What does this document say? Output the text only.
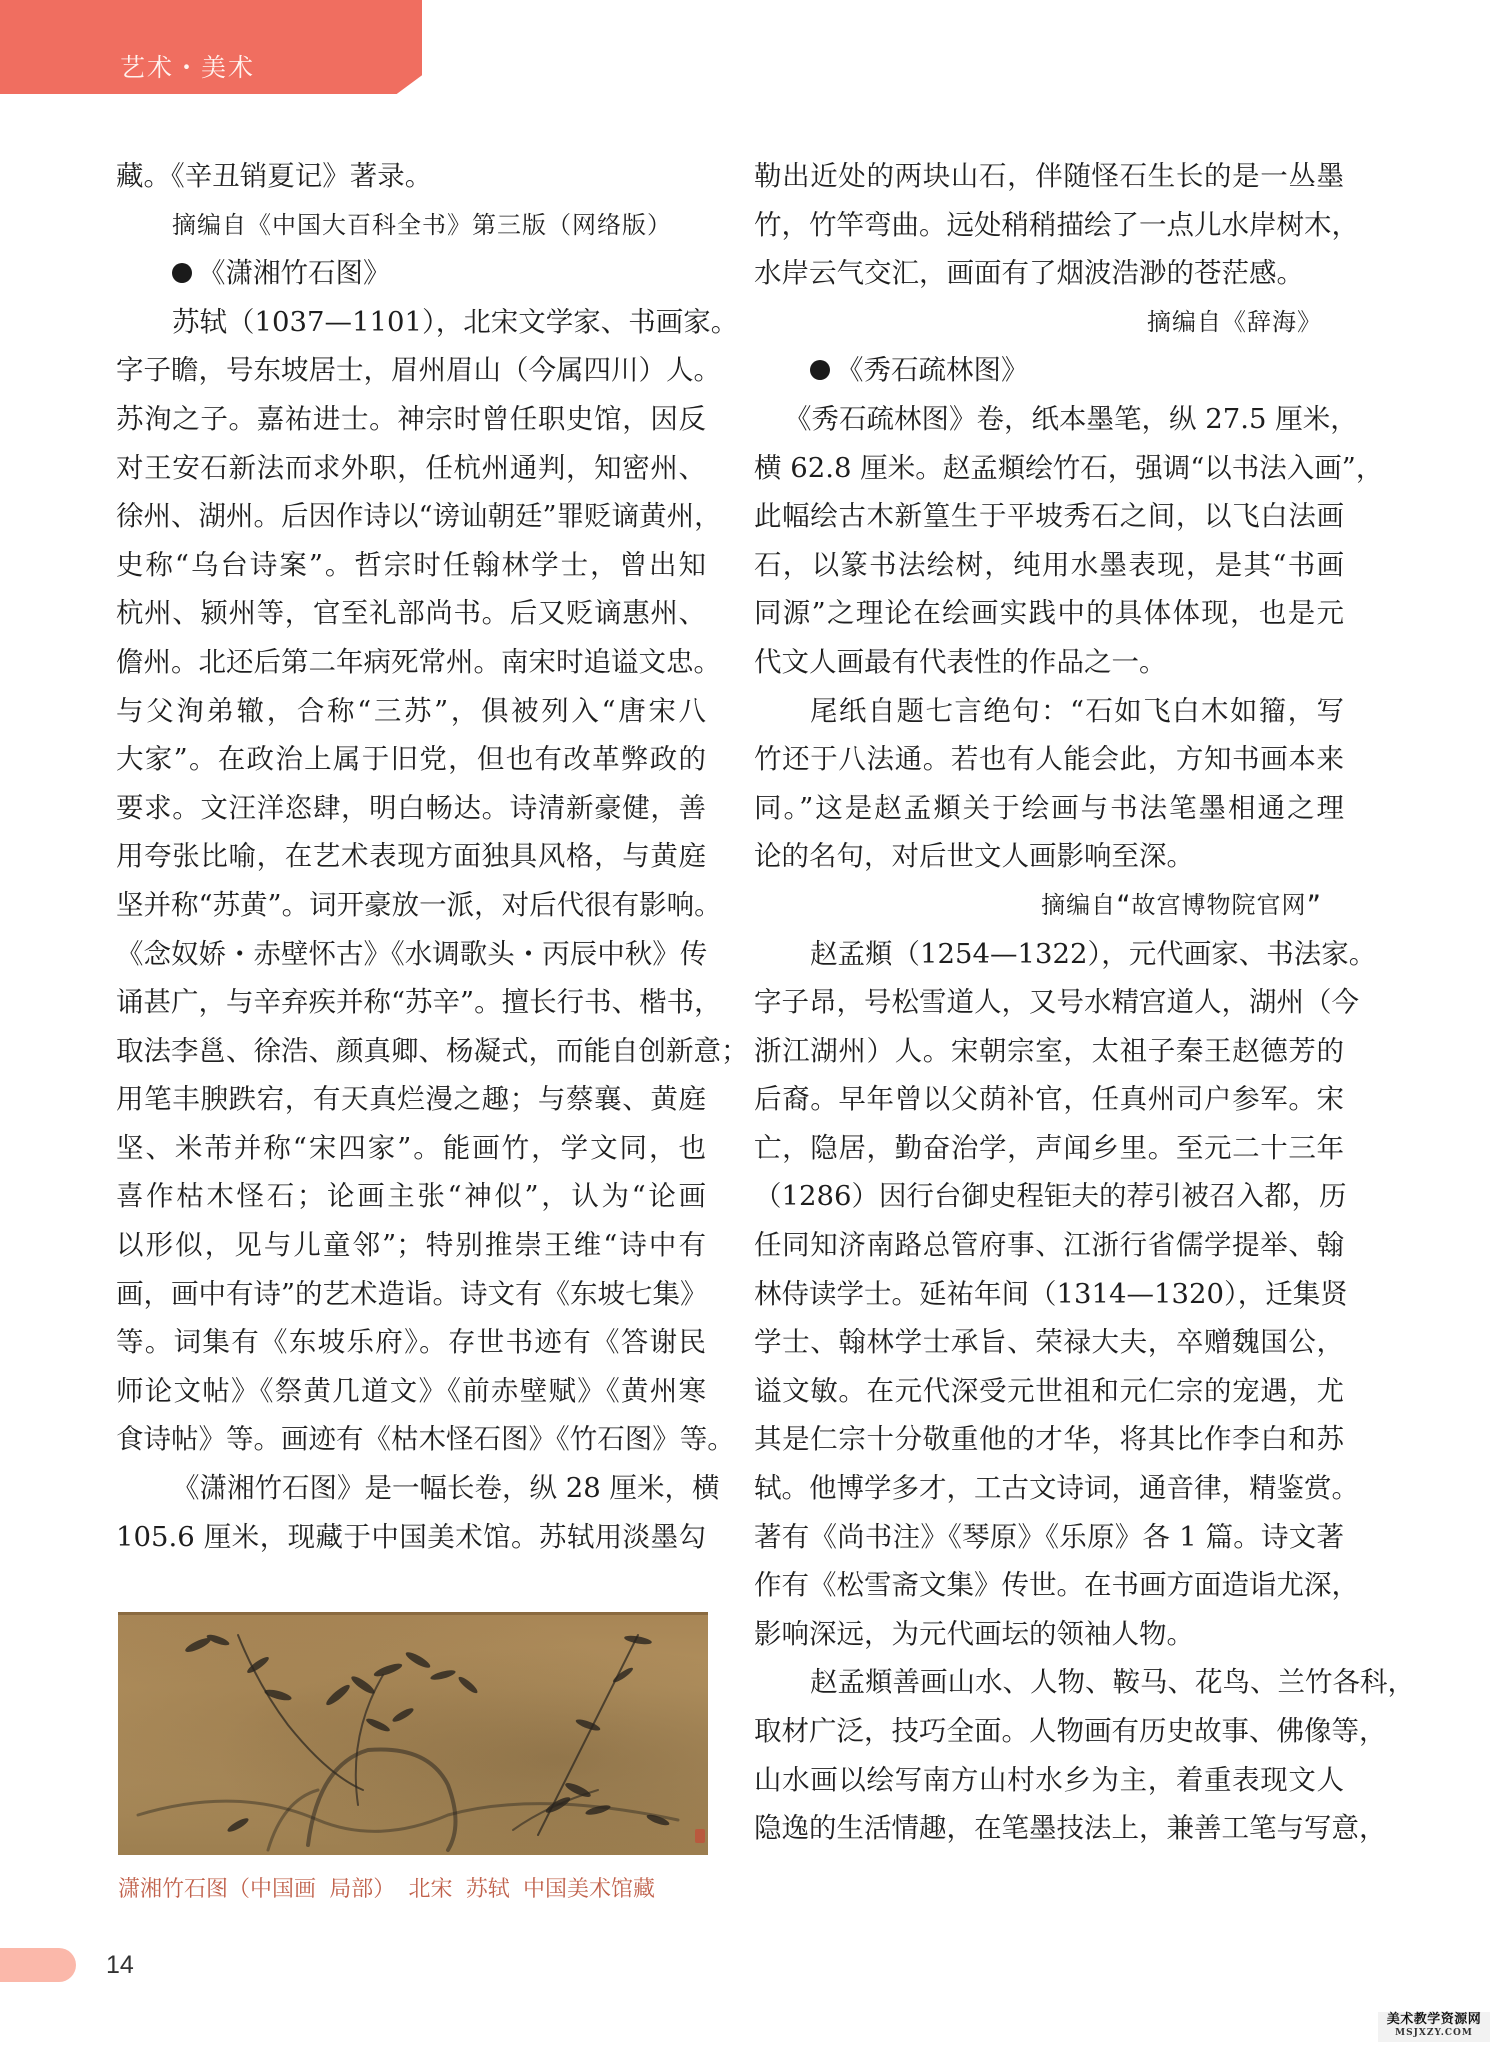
艺术・美术
藏。《辛丑销夏记》著录。
摘编自《中国大百科全书》第三版（网络版）
《潇湘竹石图》
苏轼（1037—1101），北宋文学家、书画家。
字子瞻，号东坡居士，眉州眉山（今属四川）人。
苏洵之子。嘉祐进士。神宗时曾任职史馆，因反
对王安石新法而求外职，任杭州通判，知密州、
徐州、湖州。后因作诗以“谤讪朝廷”罪贬谪黄州，
史称“乌台诗案”。哲宗时任翰林学士，曾出知
杭州、颍州等，官至礼部尚书。后又贬谪惠州、
儋州。北还后第二年病死常州。南宋时追谥文忠。
与父洵弟辙，合称“三苏”，俱被列入“唐宋八
大家”。在政治上属于旧党，但也有改革弊政的
要求。文汪洋恣肆，明白畅达。诗清新豪健，善
用夸张比喻，在艺术表现方面独具风格，与黄庭
坚并称“苏黄”。词开豪放一派，对后代很有影响。
《念奴娇・赤壁怀古》《水调歌头・丙辰中秋》传
诵甚广，与辛弃疾并称“苏辛”。擅长行书、楷书，
取法李邕、徐浩、颜真卿、杨凝式，而能自创新意；
用笔丰腴跌宕，有天真烂漫之趣；与蔡襄、黄庭
坚、米芾并称“宋四家”。能画竹，学文同，也
喜作枯木怪石；论画主张“神似”，认为“论画
以形似，见与儿童邻”；特别推崇王维“诗中有
画，画中有诗”的艺术造诣。诗文有《东坡七集》
等。词集有《东坡乐府》。存世书迹有《答谢民
师论文帖》《祭黄几道文》《前赤壁赋》《黄州寒
食诗帖》等。画迹有《枯木怪石图》《竹石图》等。
《潇湘竹石图》是一幅长卷，纵 28 厘米，横
105.6 厘米，现藏于中国美术馆。苏轼用淡墨勾
潇湘竹石图（中国画 局部） 北宋 苏轼 中国美术馆藏
勒出近处的两块山石，伴随怪石生长的是一丛墨
竹，竹竿弯曲。远处稍稍描绘了一点儿水岸树木，
水岸云气交汇，画面有了烟波浩渺的苍茫感。
摘编自《辞海》
《秀石疏林图》
《秀石疏林图》卷，纸本墨笔，纵 27.5 厘米，
横 62.8 厘米。赵孟頫绘竹石，强调“以书法入画”，
此幅绘古木新篁生于平坡秀石之间，以飞白法画
石，以篆书法绘树，纯用水墨表现，是其“书画
同源”之理论在绘画实践中的具体体现，也是元
代文人画最有代表性的作品之一。
尾纸自题七言绝句：“石如飞白木如籀，写
竹还于八法通。若也有人能会此，方知书画本来
同。”这是赵孟頫关于绘画与书法笔墨相通之理
论的名句，对后世文人画影响至深。
摘编自“故宫博物院官网”
赵孟頫（1254—1322），元代画家、书法家。
字子昂，号松雪道人，又号水精宫道人，湖州（今
浙江湖州）人。宋朝宗室，太祖子秦王赵德芳的
后裔。早年曾以父荫补官，任真州司户参军。宋
亡，隐居，勤奋治学，声闻乡里。至元二十三年
（1286）因行台御史程钜夫的荐引被召入都，历
任同知济南路总管府事、江浙行省儒学提举、翰
林侍读学士。延祐年间（1314—1320），迁集贤
学士、翰林学士承旨、荣禄大夫，卒赠魏国公，
谥文敏。在元代深受元世祖和元仁宗的宠遇，尤
其是仁宗十分敬重他的才华，将其比作李白和苏
轼。他博学多才，工古文诗词，通音律，精鉴赏。
著有《尚书注》《琴原》《乐原》各 1 篇。诗文著
作有《松雪斋文集》传世。在书画方面造诣尤深，
影响深远，为元代画坛的领袖人物。
赵孟頫善画山水、人物、鞍马、花鸟、兰竹各科，
取材广泛，技巧全面。人物画有历史故事、佛像等，
山水画以绘写南方山村水乡为主，着重表现文人
隐逸的生活情趣，在笔墨技法上，兼善工笔与写意，
14
美术教学资源网
MSJXZY.COM
